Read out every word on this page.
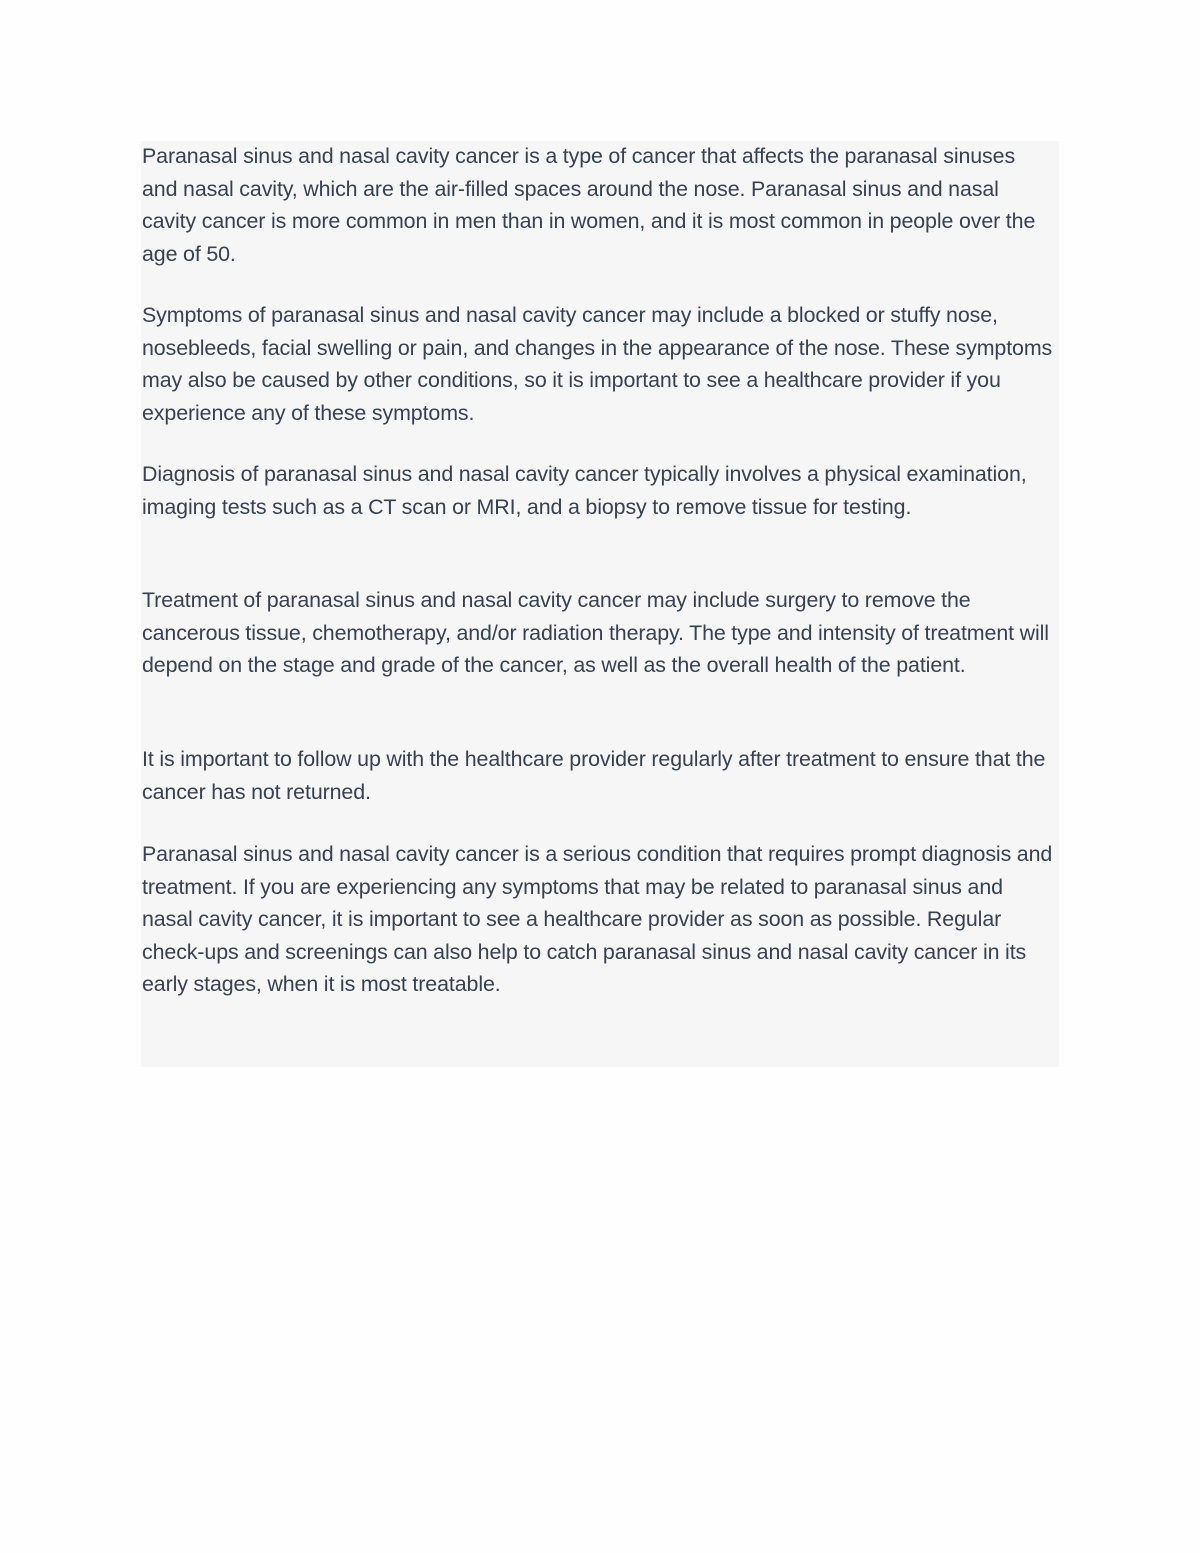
Paranasal sinus and nasal cavity cancer is a type of cancer that affects the paranasal sinuses and nasal cavity, which are the air-filled spaces around the nose. Paranasal sinus and nasal cavity cancer is more common in men than in women, and it is most common in people over the age of 50.

Symptoms of paranasal sinus and nasal cavity cancer may include a blocked or stuffy nose, nosebleeds, facial swelling or pain, and changes in the appearance of the nose. These symptoms may also be caused by other conditions, so it is important to see a healthcare provider if you experience any of these symptoms.

Diagnosis of paranasal sinus and nasal cavity cancer typically involves a physical examination, imaging tests such as a CT scan or MRI, and a biopsy to remove tissue for testing.

Treatment of paranasal sinus and nasal cavity cancer may include surgery to remove the cancerous tissue, chemotherapy, and/or radiation therapy. The type and intensity of treatment will depend on the stage and grade of the cancer, as well as the overall health of the patient.

It is important to follow up with the healthcare provider regularly after treatment to ensure that the cancer has not returned.

Paranasal sinus and nasal cavity cancer is a serious condition that requires prompt diagnosis and treatment. If you are experiencing any symptoms that may be related to paranasal sinus and nasal cavity cancer, it is important to see a healthcare provider as soon as possible. Regular check-ups and screenings can also help to catch paranasal sinus and nasal cavity cancer in its early stages, when it is most treatable.
